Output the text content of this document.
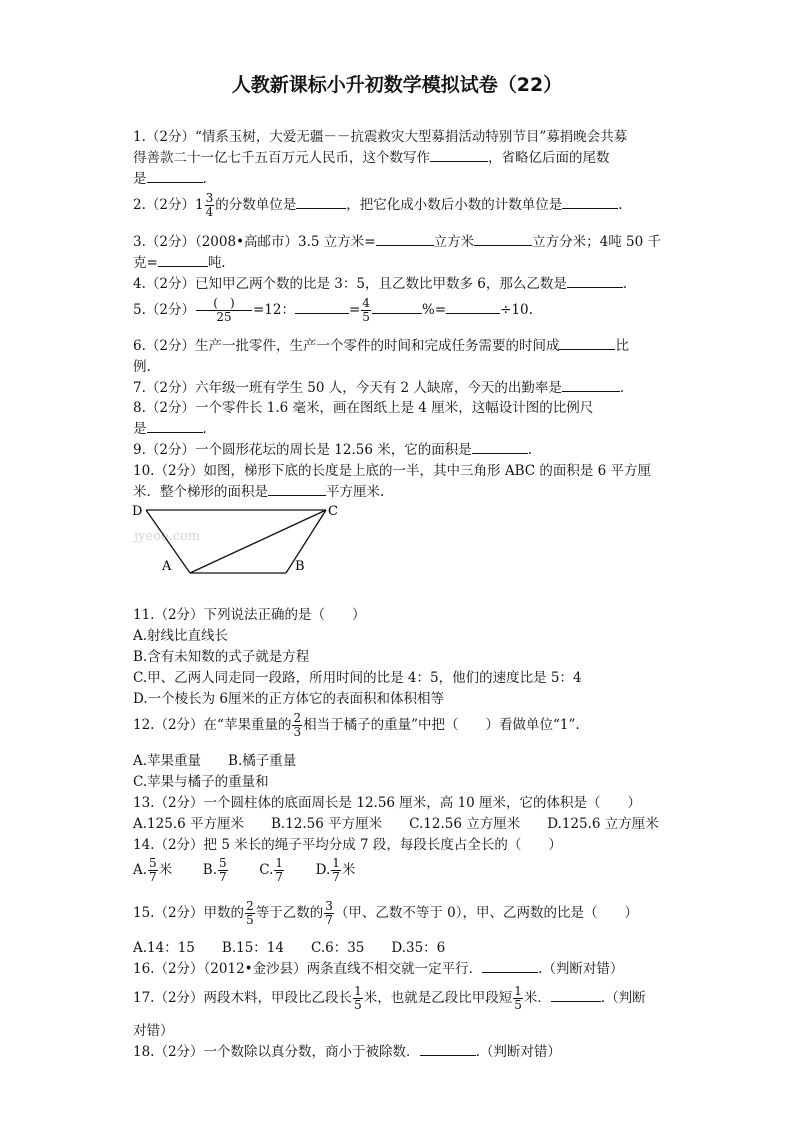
人教新课标小升初数学模拟试卷（22）
1.（2分）“情系玉树，大爱无疆－－抗震救灾大型募捐活动特别节目”募捐晚会共募
得善款二十一亿七千五百万元人民币，这个数写作	，省略亿后面的尾数
是	.
2.（2分）$1 \frac{3}{4}$ 的分数单位是	，把它化成小数后小数的计数单位是	.
3.（2分）（2008•高邮市）3.5 立方米=	立方米	立方分米；4吨 50 千
克=	吨.
4.（2分）已知甲乙两个数的比是 3：5，且乙数比甲数多 6，那么乙数是	.
5.（2分）	(　)
25	=12：	= $\frac{4}{5}$	%=	÷10.
6.（2分）生产一批零件，生产一个零件的时间和完成任务需要的时间成	比
例.
7.（2分）六年级一班有学生 50 人，今天有 2 人缺席，今天的出勤率是	.
8.（2分）一个零件长 1.6 毫米，画在图纸上是 4 厘米，这幅设计图的比例尺
是	.
9.（2分）一个圆形花坛的周长是 12.56 米，它的面积是	.
10.（2分）如图，梯形下底的长度是上底的一半，其中三角形 ABC 的面积是 6 平方厘
米．整个梯形的面积是	平方厘米.
jyeoo.com
D	C
A	B
11.（2分）下列说法正确的是（　　）
A.射线比直线长
B.含有未知数的式子就是方程
C.甲、乙两人同走同一段路，所用时间的比是 4：5，他们的速度比是 5：4
D.一个棱长为 6厘米的正方体它的表面积和体积相等
12.（2分）在“苹果重量的 $\frac{2}{3}$ 相当于橘子的重量”中把（　　）看做单位“1”.
A.苹果重量　　B.橘子重量
C.苹果与橘子的重量和
13.（2分）一个圆柱体的底面周长是 12.56 厘米，高 10 厘米，它的体积是（　　）
A.125.6 平方厘米　　B.12.56 平方厘米　　C.12.56 立方厘米　　D.125.6 立方厘米
14.（2分）把 5 米长的绳子平均分成 7 段，每段长度占全长的（　　）
A. $\frac{5}{7}$ 米 B. $\frac{5}{7} C$. $\frac{1}{7} D$. $\frac{1}{7}$ 米
15.（2分）甲数的 $\frac{2}{5}$ 等于乙数的 $\frac{3}{7}$ （甲、乙数不等于 0），甲、乙两数的比是（　　）
A.14：15　　B.15：14　　C.6：35　　D.35：6
16.（2分）（2012•金沙县）两条直线不相交就一定平行．	.（判断对错）
17.（2分）两段木料，甲段比乙段长 $\frac{1}{5}$ 米，也就是乙段比甲段短 $\frac{1}{5}$ 米．	.（判断
对错）
18.（2分）一个数除以真分数，商小于被除数．	.（判断对错）
